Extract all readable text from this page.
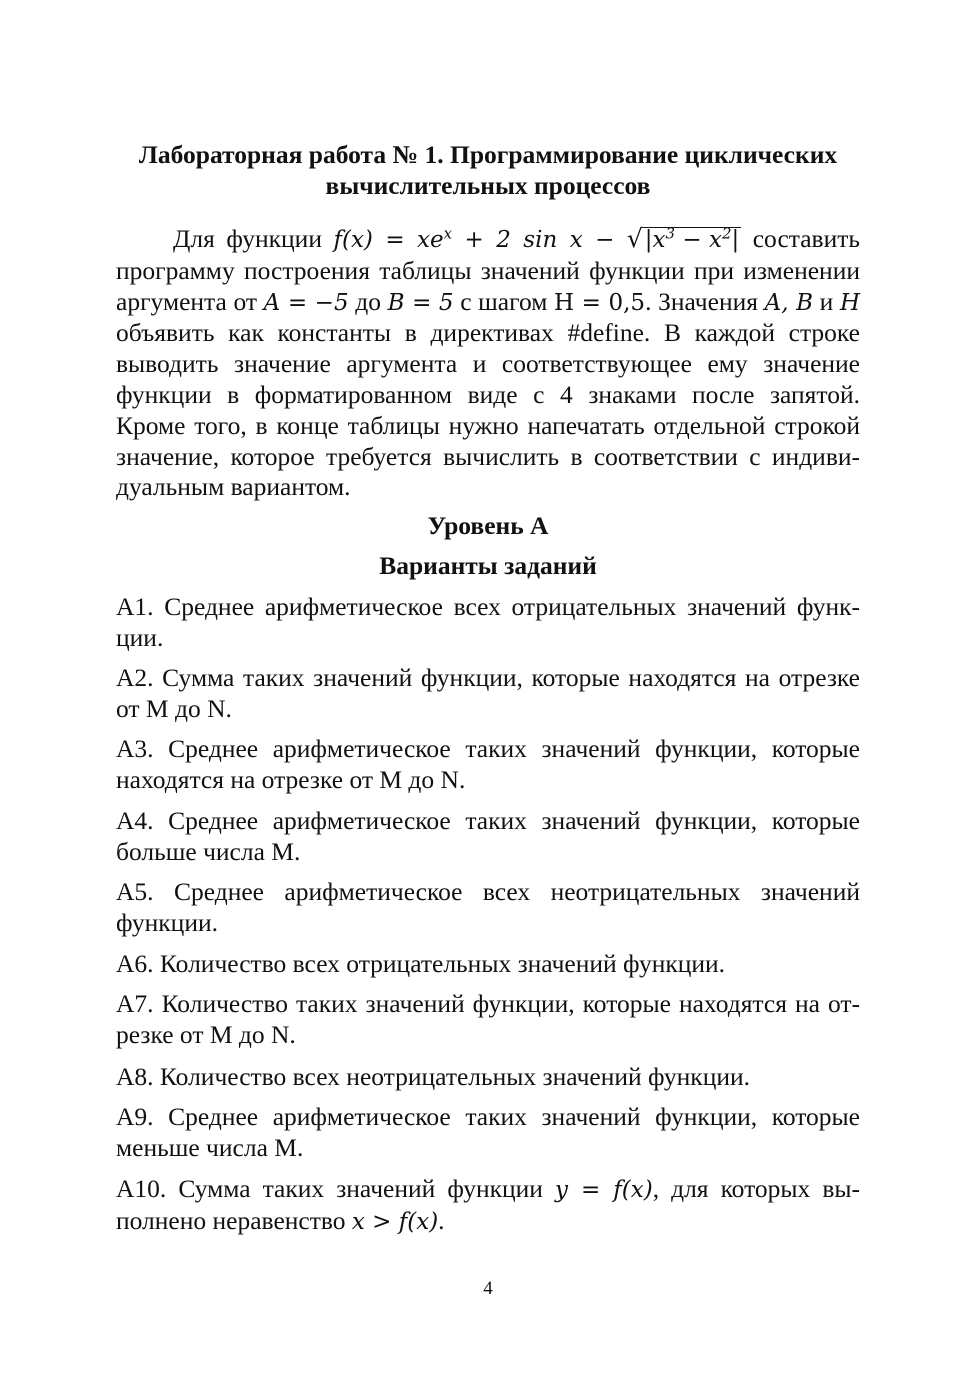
Лабораторная работа № 1. Программирование циклических
вычислительных процессов
Для функции $f(x) = xe^x + 2$ $\sin x - √|x^3 - x^2|$ составить
программу построения таблицы значений функции при изменении
аргумента от A = −5 до B = 5 с шагом H = 0,5. Значения A, B и H
объявить как константы в директивах #define. В каждой строке
выводить значение аргумента и соответствующее ему значение
функции в форматированном виде с 4 знаками после запятой.
Кроме того, в конце таблицы нужно напечатать отдельной строкой
значение, которое требуется вычислить в соответствии с индиви-
дуальным вариантом.
Уровень А
Варианты заданий
А1. Среднее арифметическое всех отрицательных значений функ-
ции.
А2. Сумма таких значений функции, которые находятся на отрезке
от M до N.
А3. Среднее арифметическое таких значений функции, которые
находятся на отрезке от M до N.
А4. Среднее арифметическое таких значений функции, которые
больше числа M.
А5. Среднее арифметическое всех неотрицательных значений
функции.
А6. Количество всех отрицательных значений функции.
А7. Количество таких значений функции, которые находятся на от-
резке от M до N.
А8. Количество всех неотрицательных значений функции.
А9. Среднее арифметическое таких значений функции, которые
меньше числа M.
А10. Сумма таких значений функции y = f(x), для которых вы-
полнено неравенство x > f(x).
4
